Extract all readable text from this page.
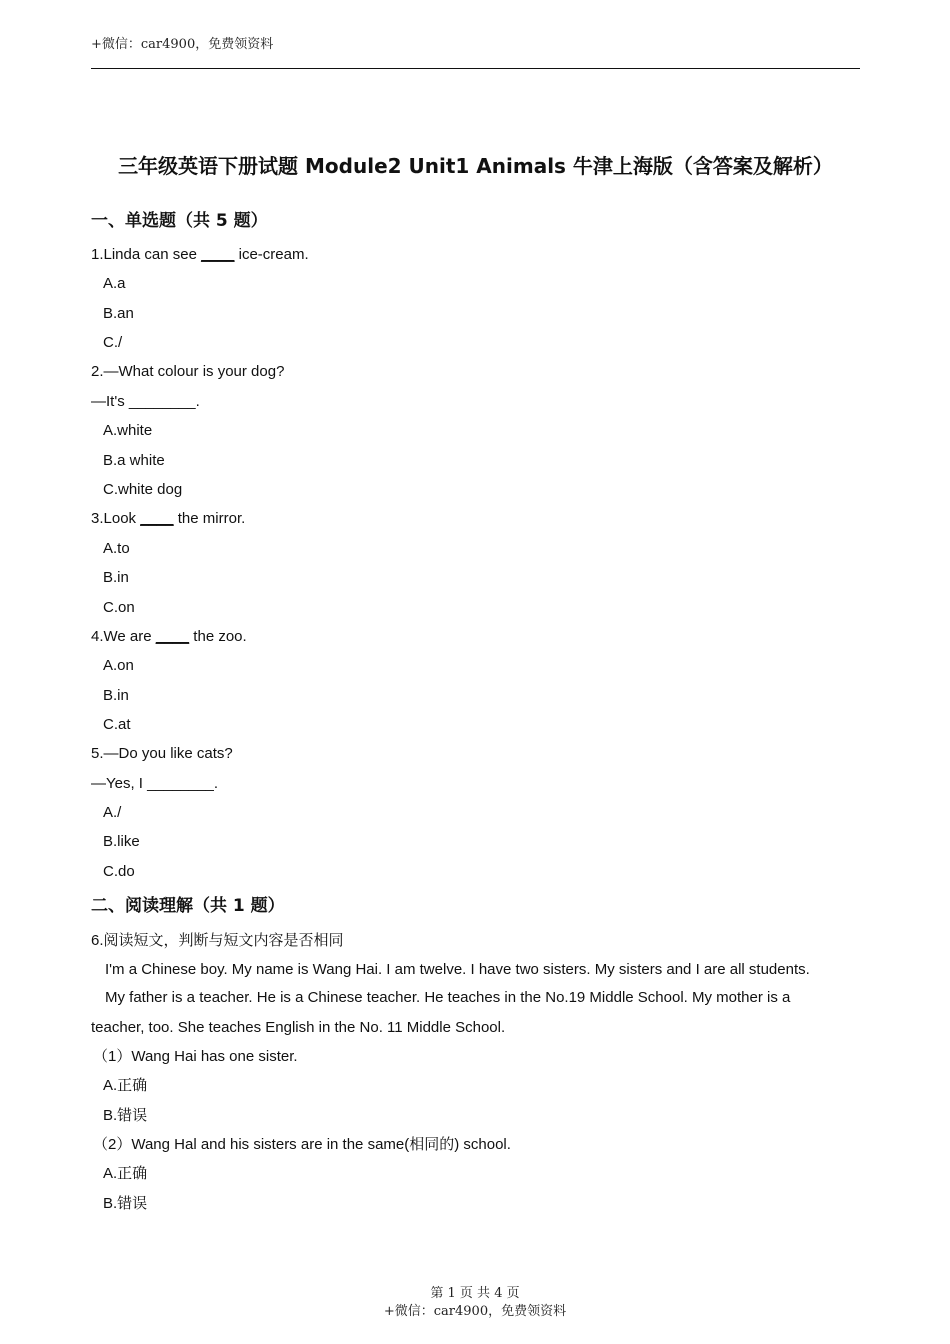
+微信：car4900，免费领资料
三年级英语下册试题 Module2 Unit1 Animals 牛津上海版（含答案及解析）
一、单选题（共 5 题）
1.Linda can see ____ ice-cream.
A.a
B.an
C./
2.—What colour is your dog?
—It's ________.
A.white
B.a white
C.white dog
3.Look ____ the mirror.
A.to
B.in
C.on
4.We are ____ the zoo.
A.on
B.in
C.at
5.—Do you like cats?
—Yes, I ________.
A./
B.like
C.do
二、阅读理解（共 1 题）
6.阅读短文，判断与短文内容是否相同
I'm a Chinese boy. My name is Wang Hai. I am twelve. I have two sisters. My sisters and I are all students.
My father is a teacher. He is a Chinese teacher. He teaches in the No.19 Middle School. My mother is a
teacher, too. She teaches English in the No. 11 Middle School.
（1）Wang Hai has one sister.
A.正确
B.错误
（2）Wang Hal and his sisters are in the same(相同的) school.
A.正确
B.错误
第 1 页 共 4 页
+微信：car4900，免费领资料
